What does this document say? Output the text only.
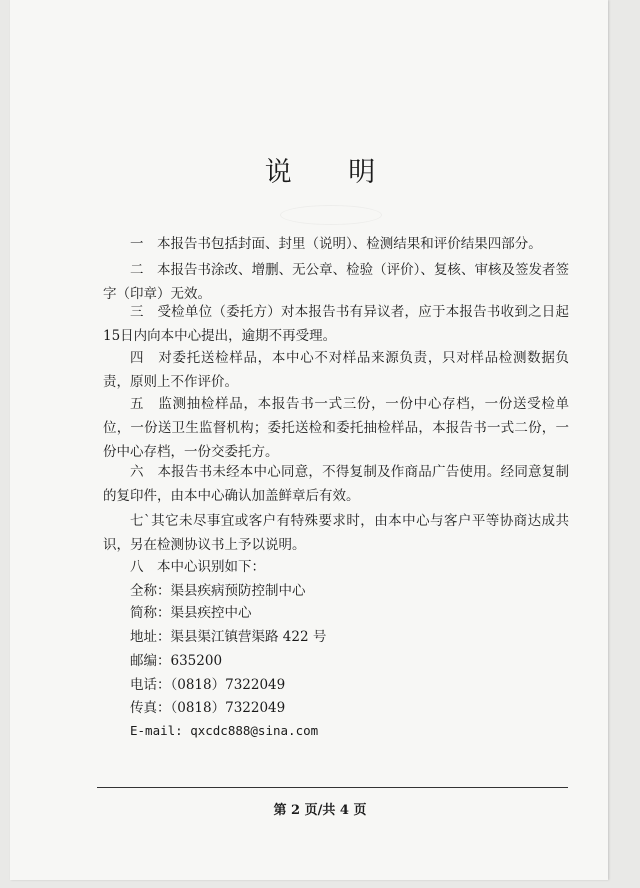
说 明
一　本报告书包括封面、封里（说明）、检测结果和评价结果四部分。
二　本报告书涂改、增删、无公章、检验（评价）、复核、审核及签发者签字（印章）无效。
三　受检单位（委托方）对本报告书有异议者，应于本报告书收到之日起15日内向本中心提出，逾期不再受理。
四　对委托送检样品，本中心不对样品来源负责，只对样品检测数据负责，原则上不作评价。
五　监测抽检样品，本报告书一式三份，一份中心存档，一份送受检单位，一份送卫生监督机构；委托送检和委托抽检样品，本报告书一式二份，一份中心存档，一份交委托方。
六　本报告书未经本中心同意，不得复制及作商品广告使用。经同意复制的复印件，由本中心确认加盖鲜章后有效。
七`其它未尽事宜或客户有特殊要求时，由本中心与客户平等协商达成共识，另在检测协议书上予以说明。
八　本中心识别如下：
全称：渠县疾病预防控制中心
简称：渠县疾控中心
地址：渠县渠江镇营渠路 422 号
邮编：635200
电话：（0818）7322049
传真：（0818）7322049
E-mail: qxcdc888@sina.com
第 2 页/共 4 页
